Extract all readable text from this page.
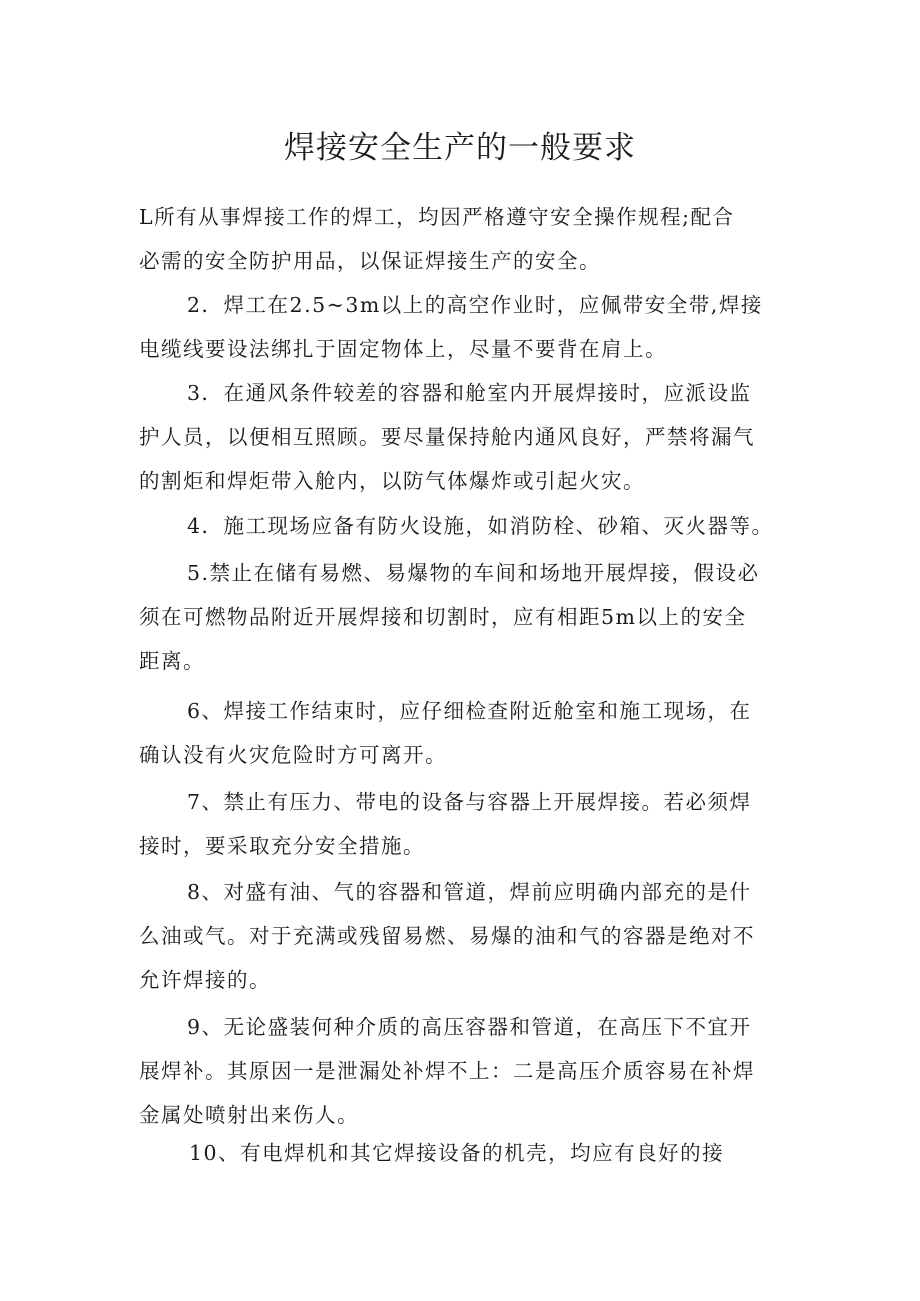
焊接安全生产的一般要求

L所有从事焊接工作的焊工，均因严格遵守安全操作规程;配合
必需的安全防护用品，以保证焊接生产的安全。

2．焊工在2.5~3m以上的高空作业时，应佩带安全带,焊接
电缆线要设法绑扎于固定物体上，尽量不要背在肩上。

3．在通风条件较差的容器和舱室内开展焊接时，应派设监
护人员，以便相互照顾。要尽量保持舱内通风良好，严禁将漏气
的割炬和焊炬带入舱内，以防气体爆炸或引起火灾。

4．施工现场应备有防火设施，如消防栓、砂箱、灭火器等。

5.禁止在储有易燃、易爆物的车间和场地开展焊接，假设必
须在可燃物品附近开展焊接和切割时，应有相距5m以上的安全
距离。

6、焊接工作结束时，应仔细检查附近舱室和施工现场，在
确认没有火灾危险时方可离开。

7、禁止有压力、带电的设备与容器上开展焊接。若必须焊
接时，要采取充分安全措施。

8、对盛有油、气的容器和管道，焊前应明确内部充的是什
么油或气。对于充满或残留易燃、易爆的油和气的容器是绝对不
允许焊接的。

9、无论盛装何种介质的高压容器和管道，在高压下不宜开
展焊补。其原因一是泄漏处补焊不上：二是高压介质容易在补焊
金属处喷射出来伤人。

10、有电焊机和其它焊接设备的机壳，均应有良好的接
